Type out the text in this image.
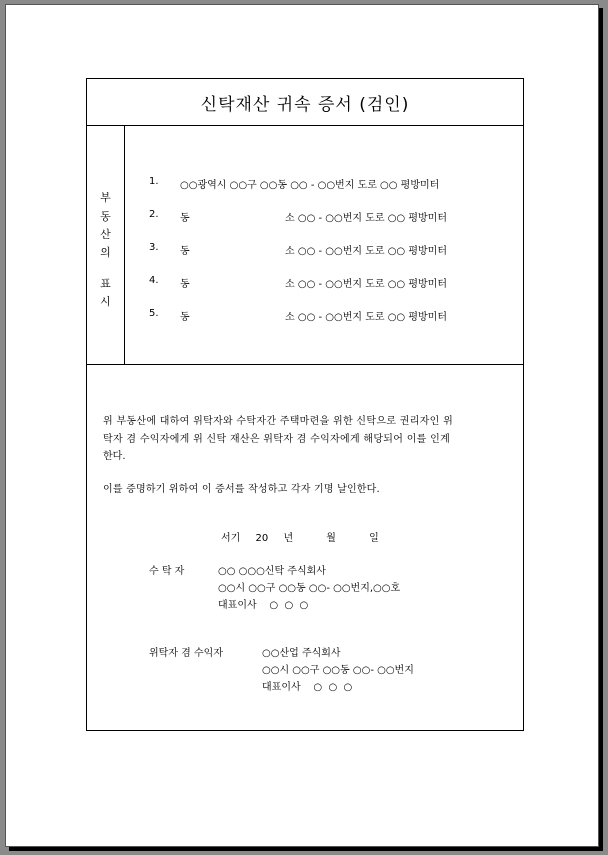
신탁재산 귀속 증서 (검인)
부
동
산
의
표
시
1. ○○광역시 ○○구 ○○동 ○○ - ○○번지 도로 ○○ 평방미터
2. 동	소 ○○ - ○○번지 도로 ○○ 평방미터
3. 동	소 ○○ - ○○번지 도로 ○○ 평방미터
4. 동	소 ○○ - ○○번지 도로 ○○ 평방미터
5. 동	소 ○○ - ○○번지 도로 ○○ 평방미터
위 부동산에 대하여 위탁자와 수탁자간 주택마련을 위한 신탁으로 권리자인 위
탁자 겸 수익자에게 위 신탁 재산은 위탁자 겸 수익자에게 해당되어 이를 인계
한다.
이를 증명하기 위하여 이 증서를 작성하고 각자 기명 날인한다.
서기 20 년	월	일
수 탁 자	○○ ○○○신탁 주식회사
○○시 ○○구 ○○동 ○○- ○○번지,○○호
대표이사    ○  ○  ○
위탁자 겸 수익자	○○산업 주식회사
○○시 ○○구 ○○동 ○○- ○○번지
대표이사    ○  ○  ○
